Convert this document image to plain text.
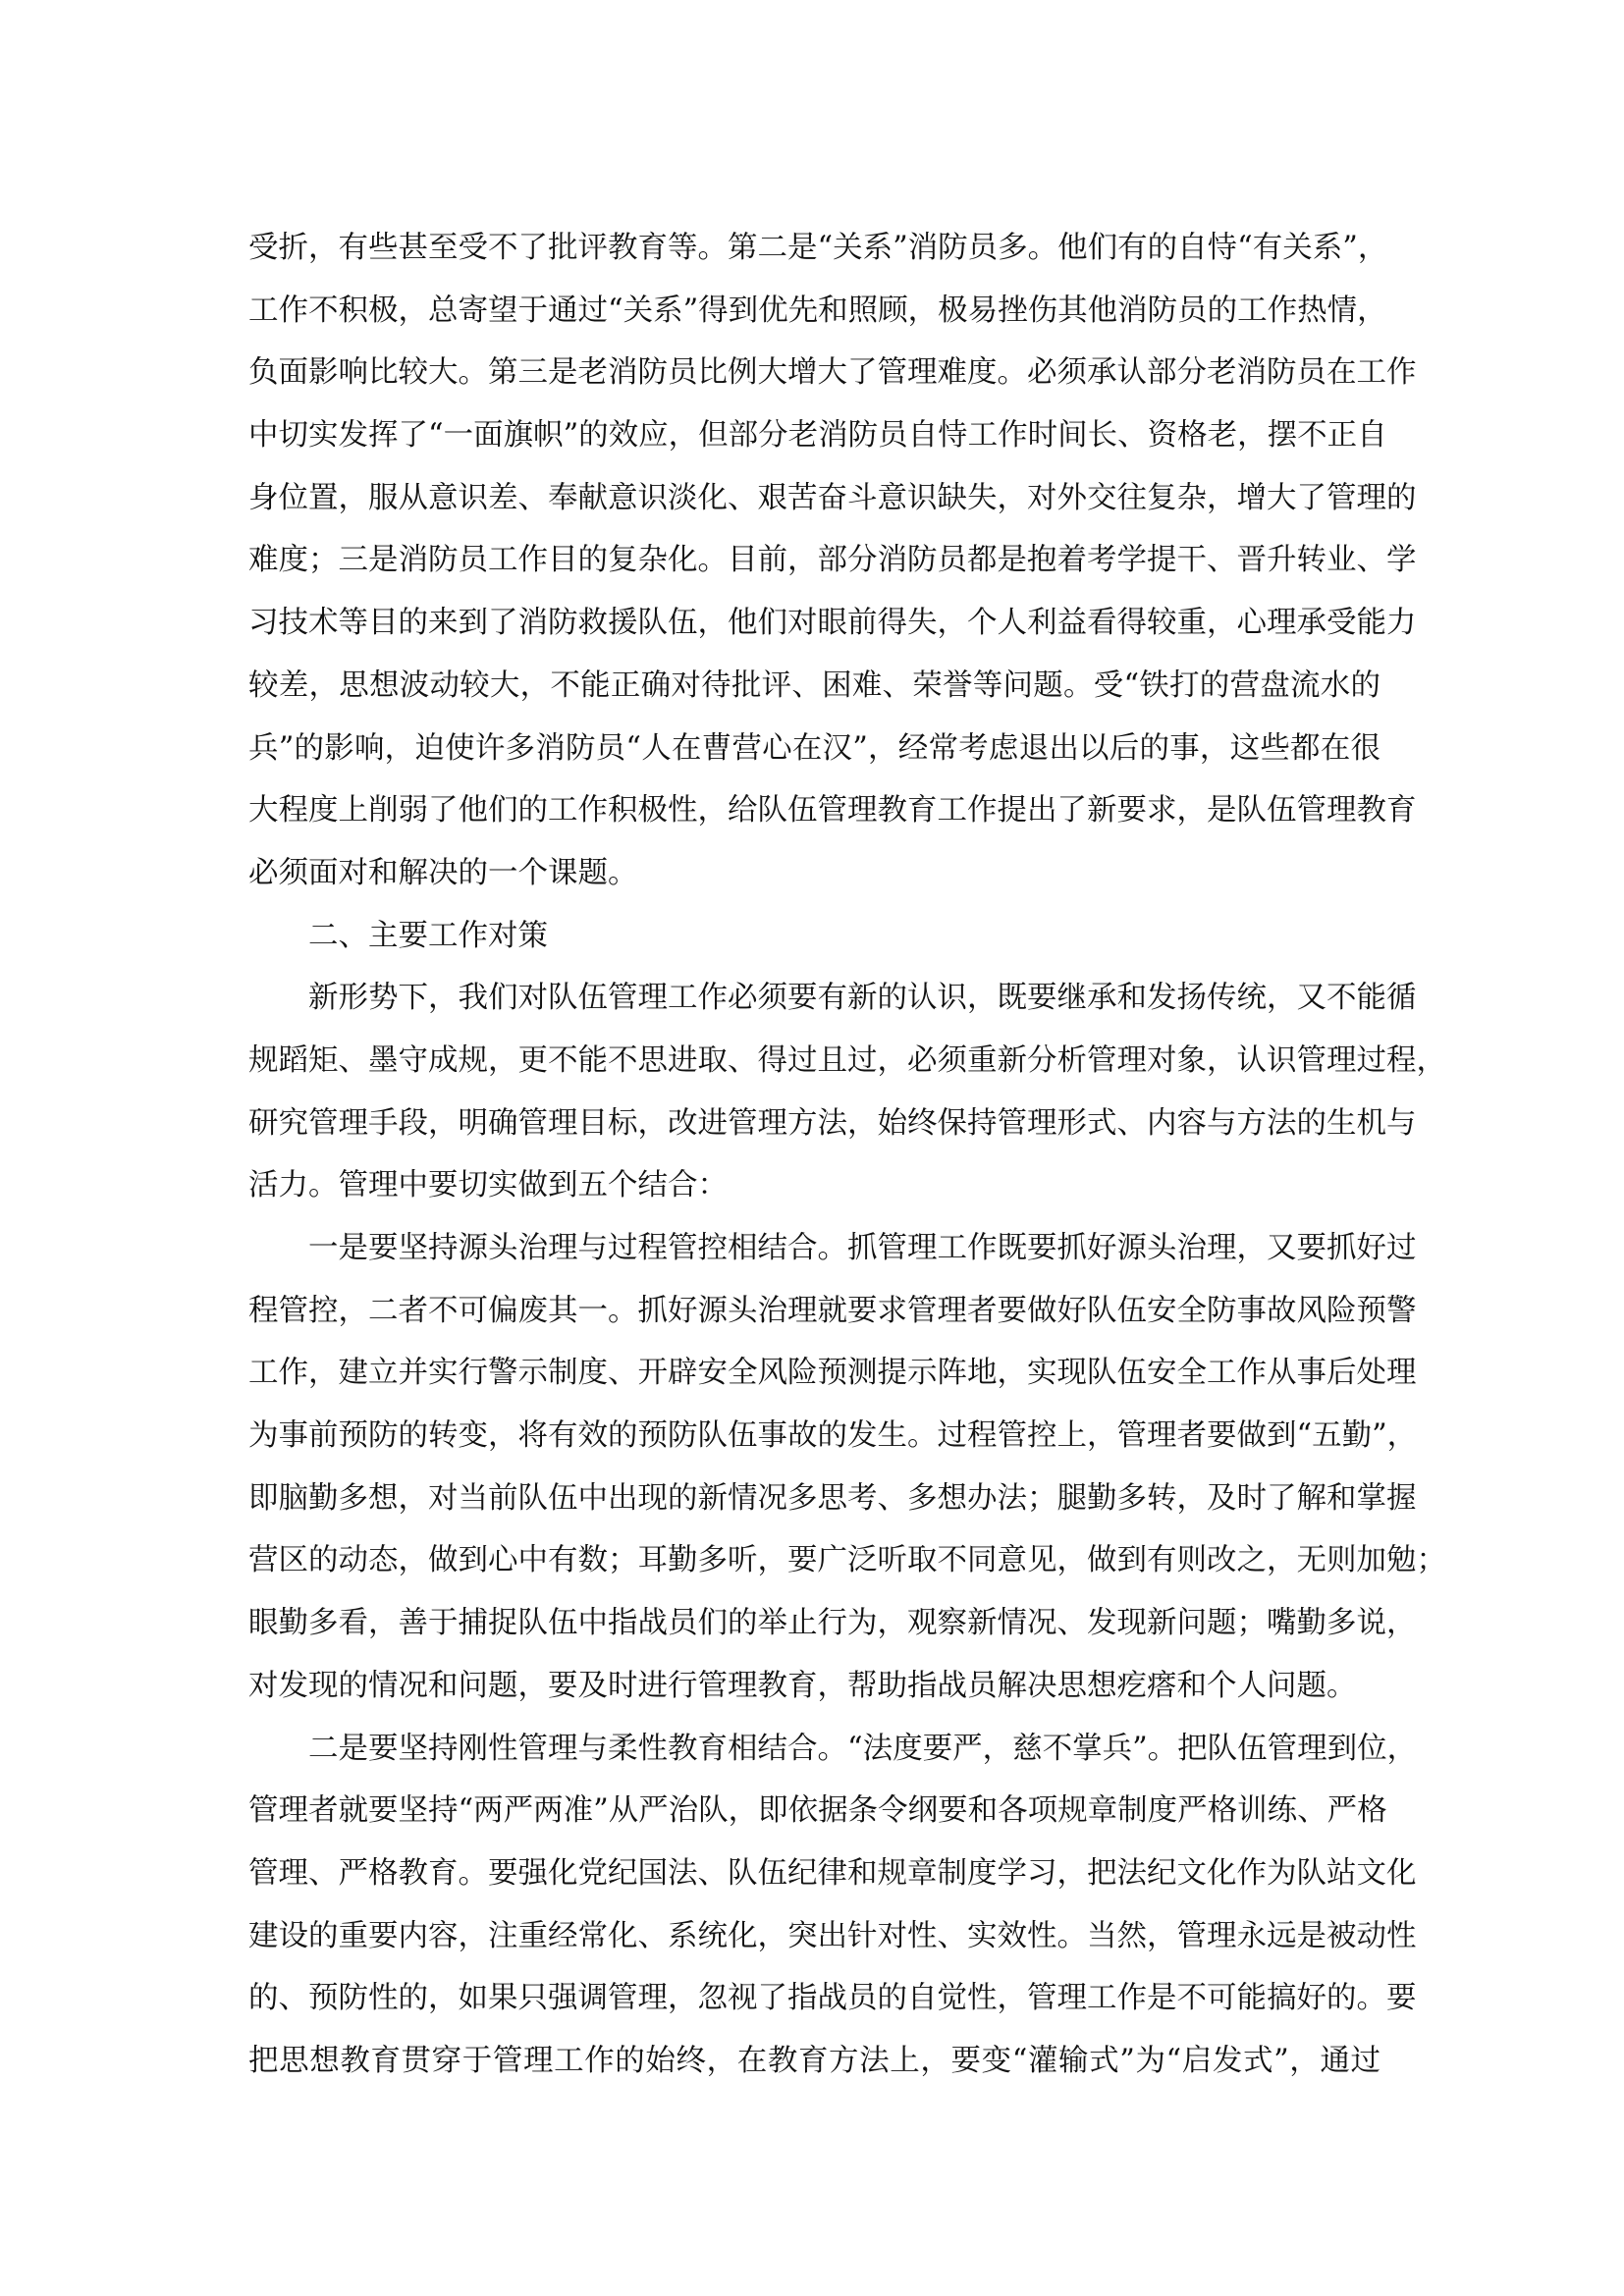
受折，有些甚至受不了批评教育等。第二是“关系”消防员多。他们有的自恃“有关系”，
工作不积极，总寄望于通过“关系”得到优先和照顾，极易挫伤其他消防员的工作热情，
负面影响比较大。第三是老消防员比例大增大了管理难度。必须承认部分老消防员在工作
中切实发挥了“一面旗帜”的效应，但部分老消防员自恃工作时间长、资格老，摆不正自
身位置，服从意识差、奉献意识淡化、艰苦奋斗意识缺失，对外交往复杂，增大了管理的
难度；三是消防员工作目的复杂化。目前，部分消防员都是抱着考学提干、晋升转业、学
习技术等目的来到了消防救援队伍，他们对眼前得失，个人利益看得较重，心理承受能力
较差，思想波动较大，不能正确对待批评、困难、荣誉等问题。受“铁打的营盘流水的
兵”的影响，迫使许多消防员“人在曹营心在汉”，经常考虑退出以后的事，这些都在很
大程度上削弱了他们的工作积极性，给队伍管理教育工作提出了新要求，是队伍管理教育
必须面对和解决的一个课题。
二、主要工作对策
新形势下，我们对队伍管理工作必须要有新的认识，既要继承和发扬传统，又不能循
规蹈矩、墨守成规，更不能不思进取、得过且过，必须重新分析管理对象，认识管理过程，
研究管理手段，明确管理目标，改进管理方法，始终保持管理形式、内容与方法的生机与
活力。管理中要切实做到五个结合：
一是要坚持源头治理与过程管控相结合。抓管理工作既要抓好源头治理，又要抓好过
程管控，二者不可偏废其一。抓好源头治理就要求管理者要做好队伍安全防事故风险预警
工作，建立并实行警示制度、开辟安全风险预测提示阵地，实现队伍安全工作从事后处理
为事前预防的转变，将有效的预防队伍事故的发生。过程管控上，管理者要做到“五勤”，
即脑勤多想，对当前队伍中出现的新情况多思考、多想办法；腿勤多转，及时了解和掌握
营区的动态，做到心中有数；耳勤多听，要广泛听取不同意见，做到有则改之，无则加勉；
眼勤多看，善于捕捉队伍中指战员们的举止行为，观察新情况、发现新问题；嘴勤多说，
对发现的情况和问题，要及时进行管理教育，帮助指战员解决思想疙瘩和个人问题。
二是要坚持刚性管理与柔性教育相结合。“法度要严，慈不掌兵”。把队伍管理到位，
管理者就要坚持“两严两准”从严治队，即依据条令纲要和各项规章制度严格训练、严格
管理、严格教育。要强化党纪国法、队伍纪律和规章制度学习，把法纪文化作为队站文化
建设的重要内容，注重经常化、系统化，突出针对性、实效性。当然，管理永远是被动性
的、预防性的，如果只强调管理，忽视了指战员的自觉性，管理工作是不可能搞好的。要
把思想教育贯穿于管理工作的始终，在教育方法上，要变“灌输式”为“启发式”，通过
